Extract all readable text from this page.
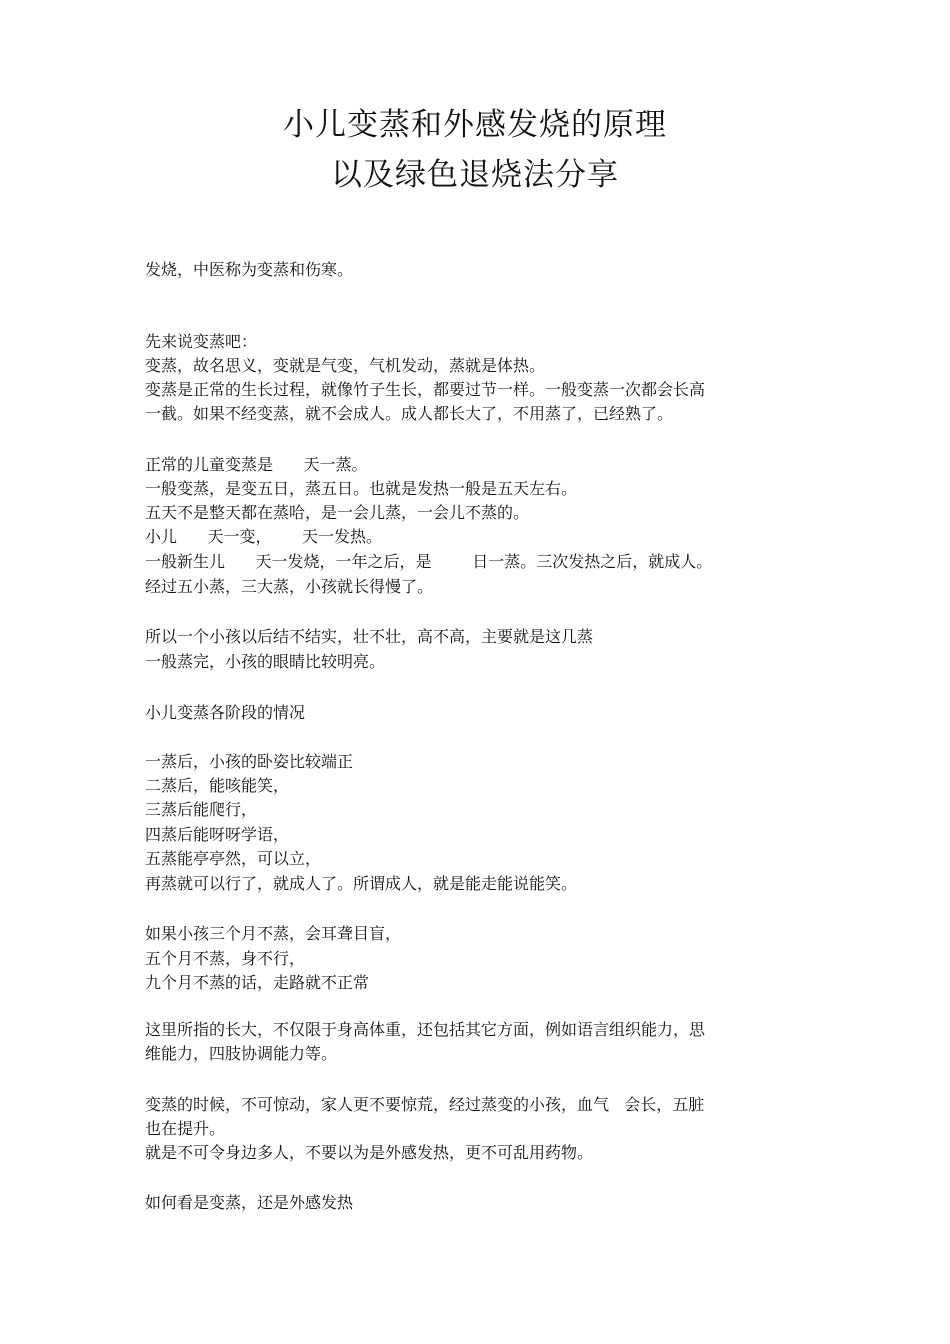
小儿变蒸和外感发烧的原理
以及绿色退烧法分享

发烧，中医称为变蒸和伤寒。

先来说变蒸吧：

变蒸，故名思义，变就是气变，气机发动，蒸就是体热。

变蒸是正常的生长过程，就像竹子生长，都要过节一样。一般变蒸一次都会长高

一截。如果不经变蒸，就不会成人。成人都长大了，不用蒸了，已经熟了。

正常的儿童变蒸是      天一蒸。

一般变蒸，是变五日，蒸五日。也就是发热一般是五天左右。

五天不是整天都在蒸哈，是一会儿蒸，一会儿不蒸的。

小儿      天一变，      天一发热。

一般新生儿      天一发烧，一年之后，是        日一蒸。三次发热之后，就成人。

经过五小蒸，三大蒸，小孩就长得慢了。

所以一个小孩以后结不结实，壮不壮，高不高，主要就是这几蒸

一般蒸完，小孩的眼睛比较明亮。

小儿变蒸各阶段的情况

一蒸后，小孩的卧姿比较端正

二蒸后，能咳能笑，

三蒸后能爬行，

四蒸后能呀呀学语，

五蒸能亭亭然，可以立，

再蒸就可以行了，就成人了。所谓成人，就是能走能说能笑。

如果小孩三个月不蒸，会耳聋目盲，

五个月不蒸，身不行，

九个月不蒸的话，走路就不正常

这里所指的长大，不仅限于身高体重，还包括其它方面，例如语言组织能力，思

维能力，四肢协调能力等。

变蒸的时候，不可惊动，家人更不要惊荒，经过蒸变的小孩，血气   会长，五脏

也在提升。

就是不可令身边多人，不要以为是外感发热，更不可乱用药物。

如何看是变蒸，还是外感发热
